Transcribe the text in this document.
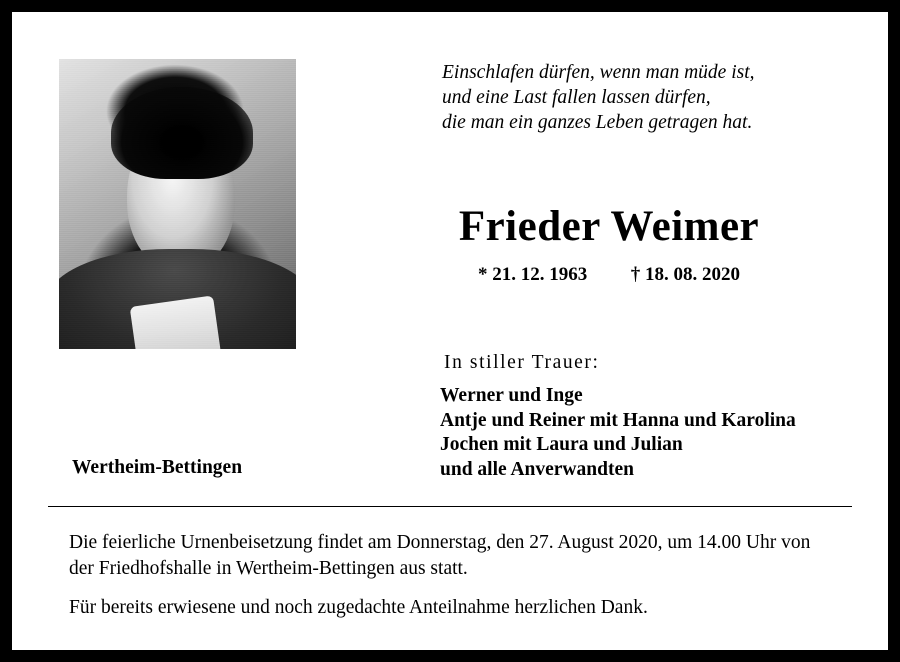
Einschlafen dürfen, wenn man müde ist,
und eine Last fallen lassen dürfen,
die man ein ganzes Leben getragen hat.
Frieder Weimer
* 21. 12. 1963 † 18. 08. 2020
In stiller Trauer:
Werner und Inge
Antje und Reiner mit Hanna und Karolina
Jochen mit Laura und Julian
und alle Anverwandten
Wertheim-Bettingen
Die feierliche Urnenbeisetzung findet am Donnerstag, den 27. August 2020, um 14.00 Uhr von der Friedhofshalle in Wertheim-Bettingen aus statt.
Für bereits erwiesene und noch zugedachte Anteilnahme herzlichen Dank.
